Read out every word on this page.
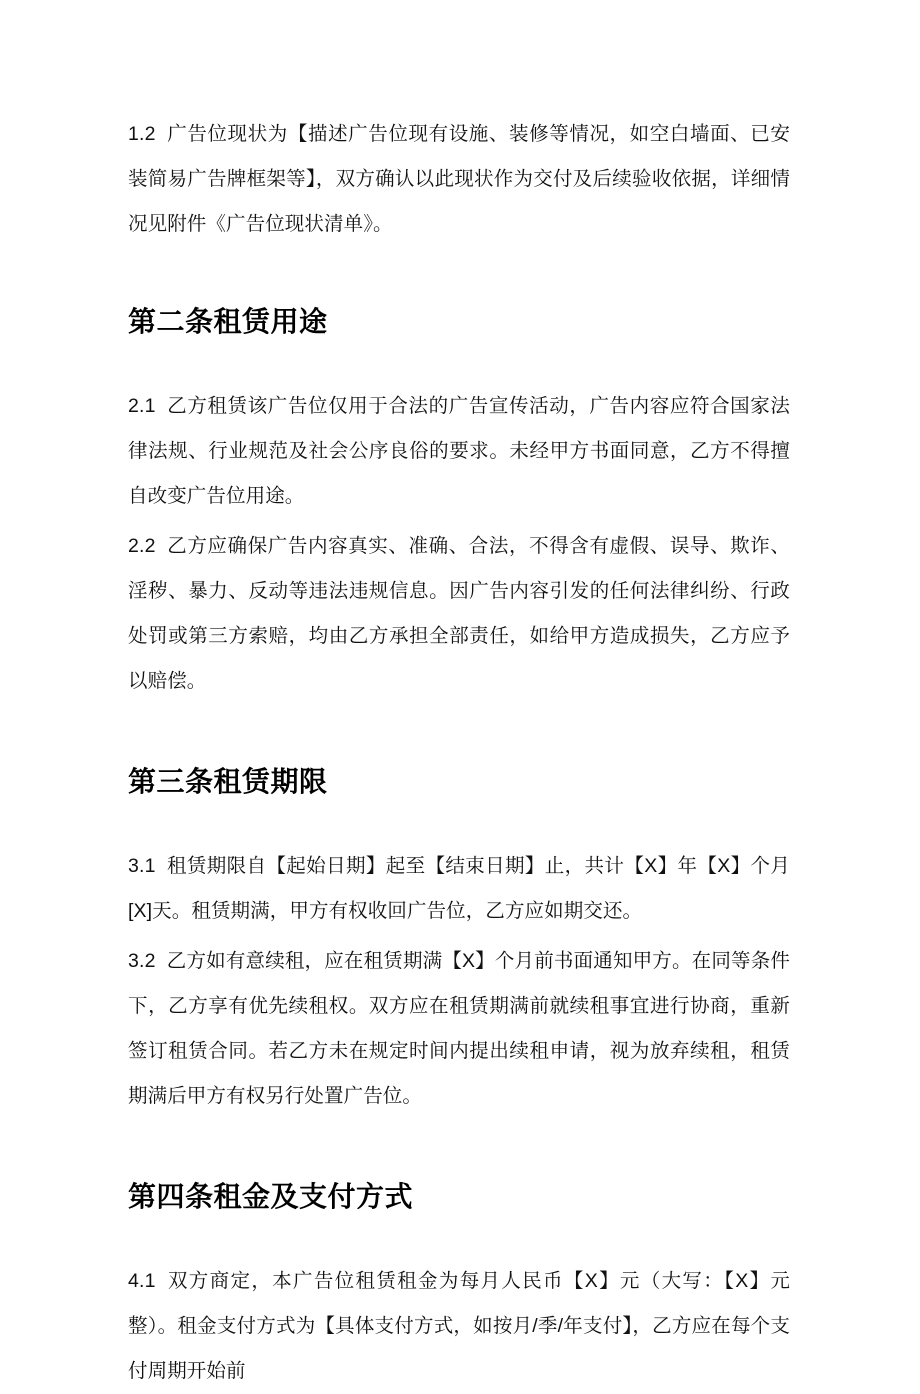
1.2 广告位现状为【描述广告位现有设施、装修等情况，如空白墙面、已安装简易广告牌框架等】，双方确认以此现状作为交付及后续验收依据，详细情况见附件《广告位现状清单》。

第二条租赁用途

2.1 乙方租赁该广告位仅用于合法的广告宣传活动，广告内容应符合国家法律法规、行业规范及社会公序良俗的要求。未经甲方书面同意，乙方不得擅自改变广告位用途。

2.2 乙方应确保广告内容真实、准确、合法，不得含有虚假、误导、欺诈、淫秽、暴力、反动等违法违规信息。因广告内容引发的任何法律纠纷、行政处罚或第三方索赔，均由乙方承担全部责任，如给甲方造成损失，乙方应予以赔偿。

第三条租赁期限

3.1 租赁期限自【起始日期】起至【结束日期】止，共计【X】年【X】个月[X]天。租赁期满，甲方有权收回广告位，乙方应如期交还。

3.2 乙方如有意续租，应在租赁期满【X】个月前书面通知甲方。在同等条件下，乙方享有优先续租权。双方应在租赁期满前就续租事宜进行协商，重新签订租赁合同。若乙方未在规定时间内提出续租申请，视为放弃续租，租赁期满后甲方有权另行处置广告位。

第四条租金及支付方式

4.1 双方商定，本广告位租赁租金为每月人民币【X】元（大写：【X】元整）。租金支付方式为【具体支付方式，如按月/季/年支付】，乙方应在每个支付周期开始前
